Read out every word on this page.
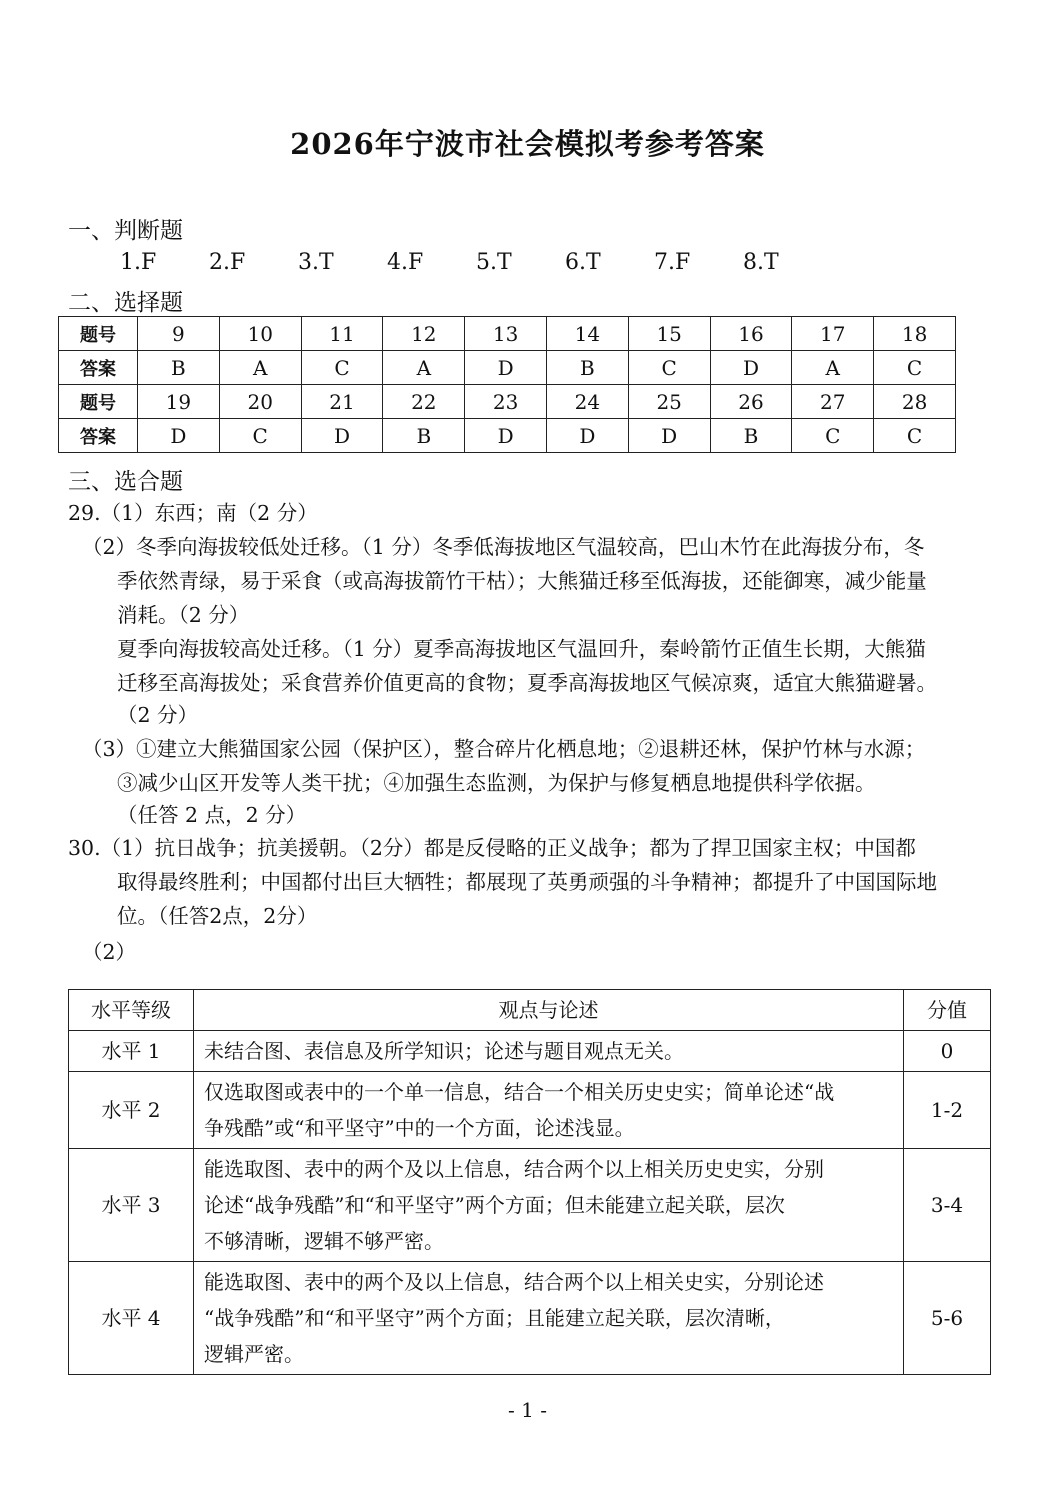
2026年宁波市社会模拟考参考答案
一、判断题
1.F 2.F 3.T 4.F 5.T 6.T 7.F 8.T
二、选择题
题号	9	10	11	12	13	14	15	16	17	18
答案	B	A	C	A	D	B	C	D	A	C
题号	19	20	21	22	23	24	25	26	27	28
答案	D	C	D	B	D	D	D	B	C	C
三、选合题
29.（1）东西；南（2 分）
（2）冬季向海拔较低处迁移。（1 分）冬季低海拔地区气温较高，巴山木竹在此海拔分布，冬
季依然青绿，易于采食（或高海拔箭竹干枯）；大熊猫迁移至低海拔，还能御寒，减少能量
消耗。（2 分）
夏季向海拔较高处迁移。（1 分）夏季高海拔地区气温回升，秦岭箭竹正值生长期，大熊猫
迁移至高海拔处；采食营养价值更高的食物；夏季高海拔地区气候凉爽，适宜大熊猫避暑。
（2 分）
（3）①建立大熊猫国家公园（保护区），整合碎片化栖息地；②退耕还林，保护竹林与水源；
③减少山区开发等人类干扰；④加强生态监测，为保护与修复栖息地提供科学依据。
（任答 2 点，2 分）
30.（1）抗日战争；抗美援朝。（2分）都是反侵略的正义战争；都为了捍卫国家主权；中国都
取得最终胜利；中国都付出巨大牺牲；都展现了英勇顽强的斗争精神；都提升了中国国际地
位。（任答2点，2分）
（2）
水平等级	观点与论述	分值
水平 1	未结合图、表信息及所学知识；论述与题目观点无关。	0
水平 2	仅选取图或表中的一个单一信息，结合一个相关历史史实；简单论述“战
争残酷”或“和平坚守”中的一个方面，论述浅显。	1-2
水平 3	能选取图、表中的两个及以上信息，结合两个以上相关历史史实，分别
论述“战争残酷”和“和平坚守”两个方面；但未能建立起关联，层次
不够清晰，逻辑不够严密。	3-4
水平 4	能选取图、表中的两个及以上信息，结合两个以上相关史实，分别论述
“战争残酷”和“和平坚守”两个方面；且能建立起关联，层次清晰，
逻辑严密。	5-6
- 1 -
